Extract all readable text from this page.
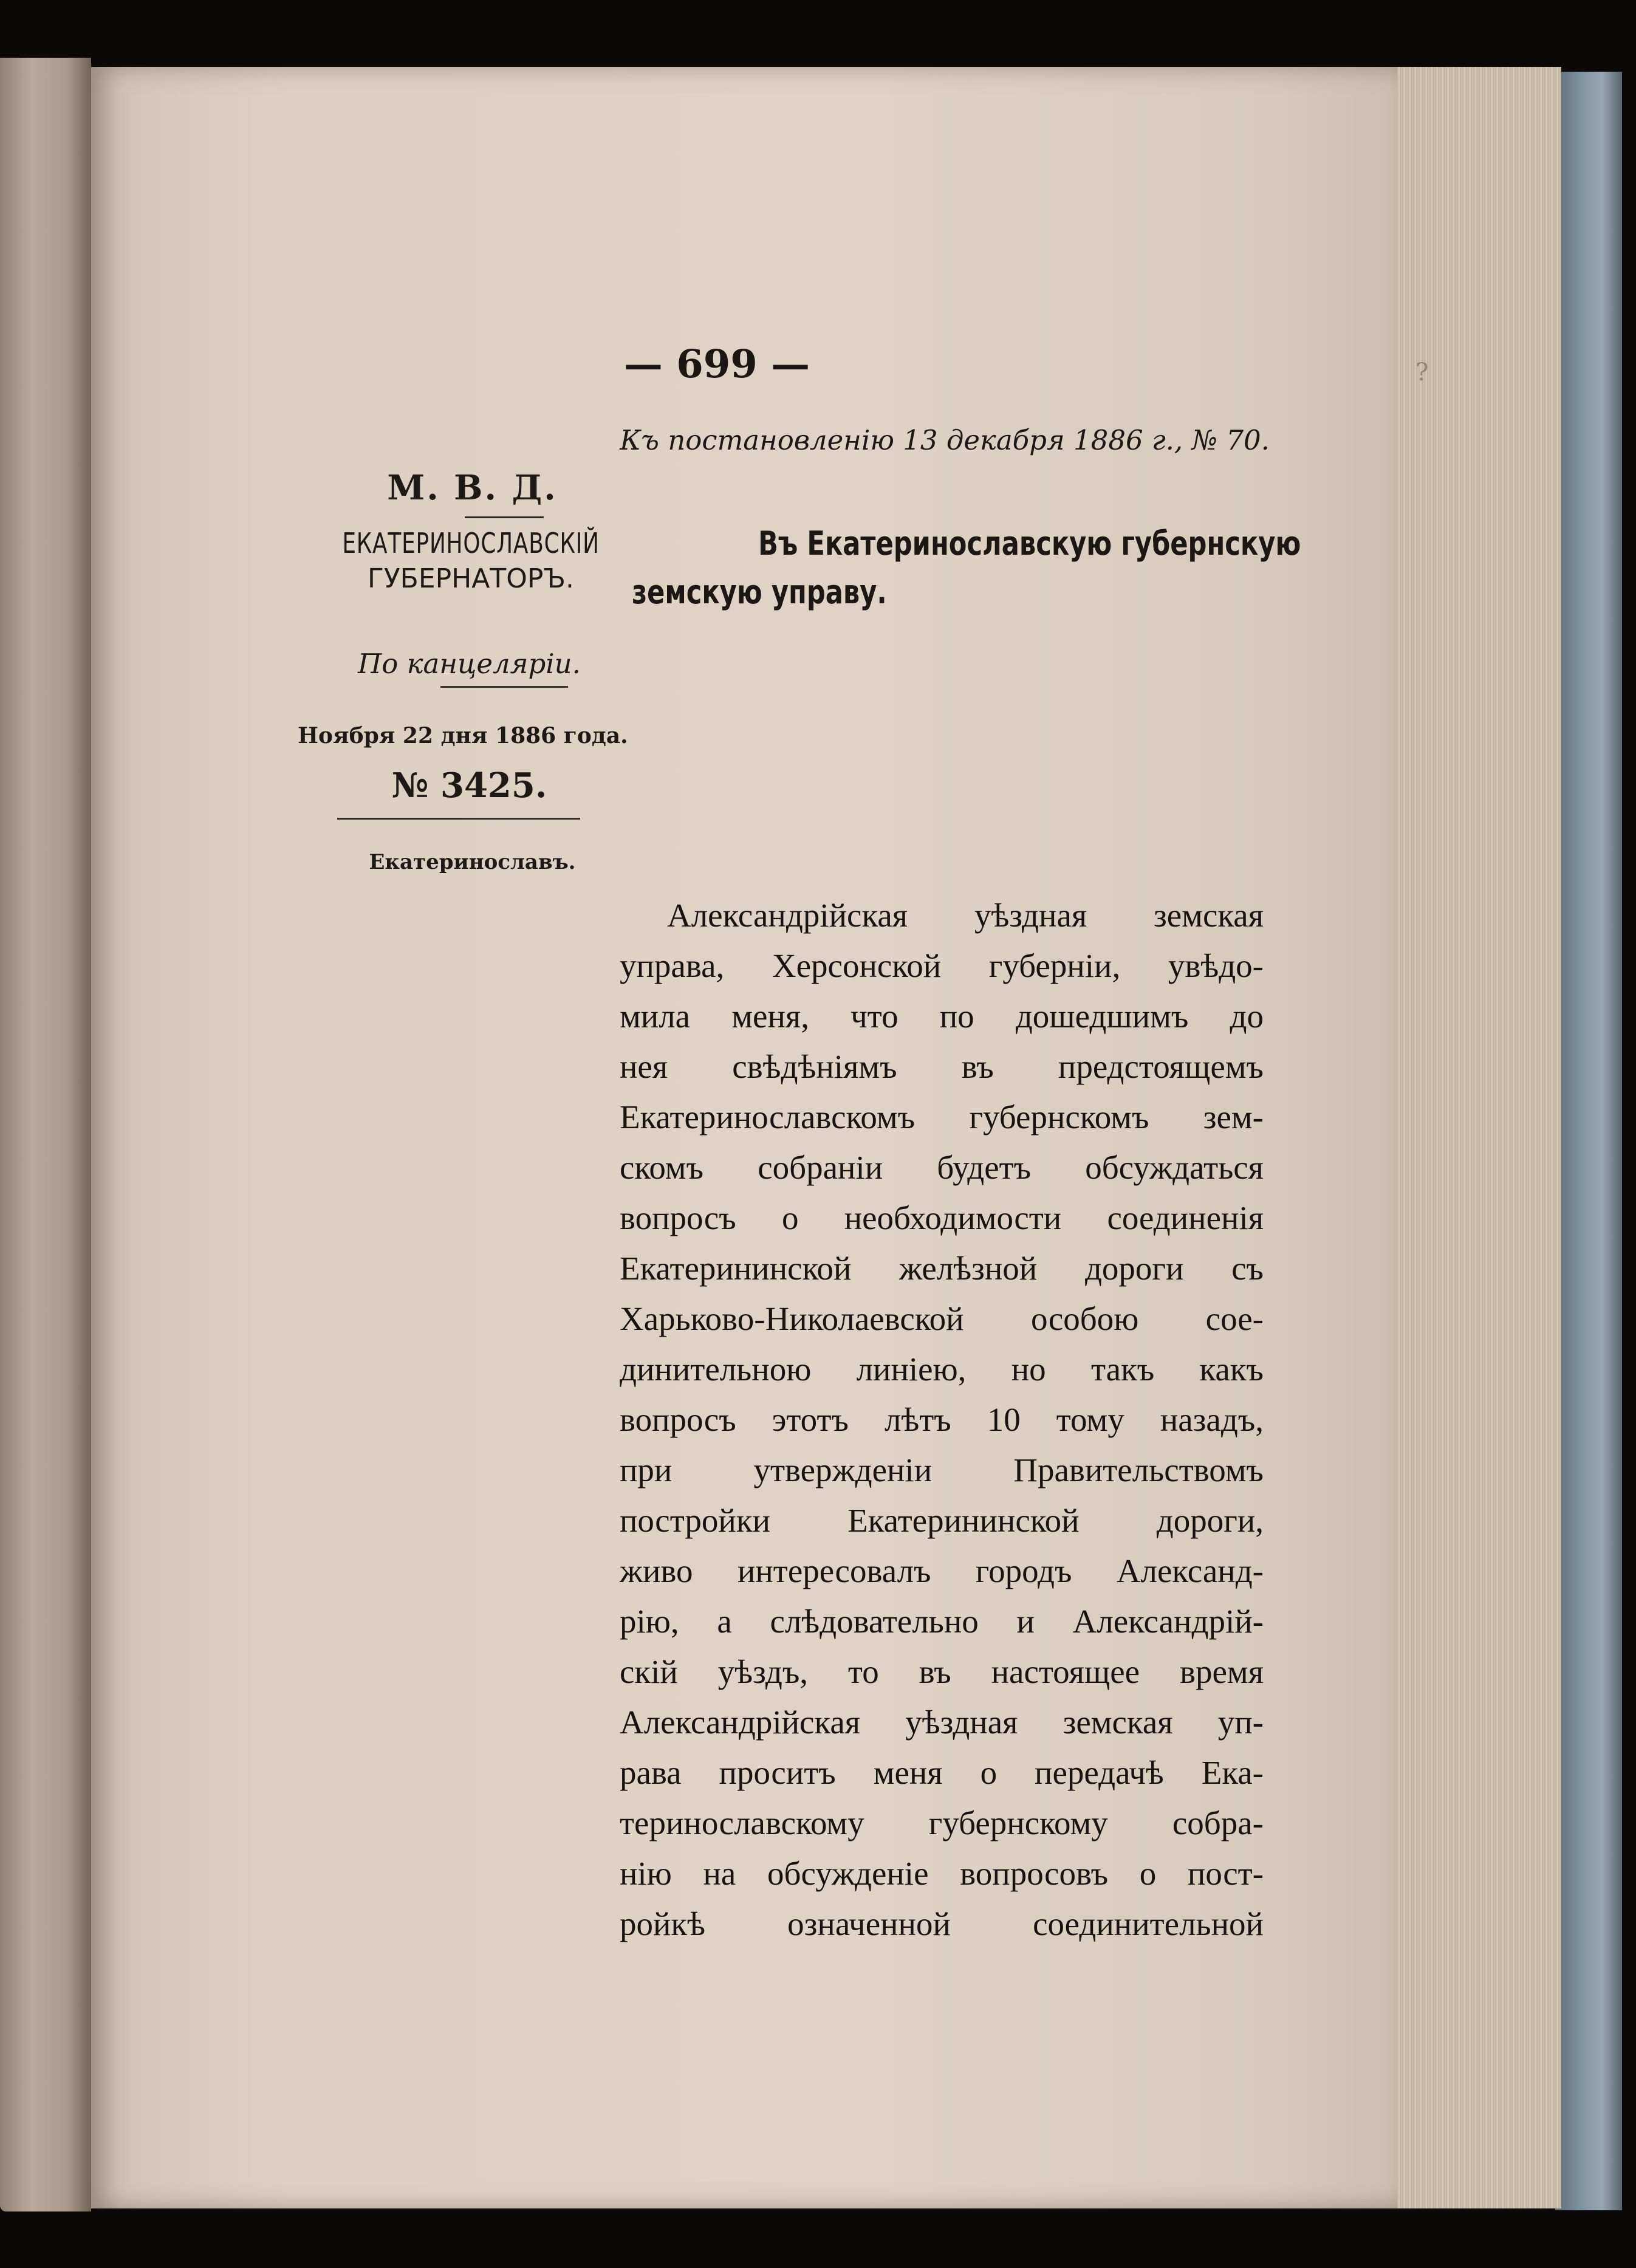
— 699 —	?
Къ постановленію 13 декабря 1886 г., № 70.
М. В. Д.
ЕКАТЕРИНОСЛАВСКІЙ
ГУБЕРНАТОРЪ.
По канцеляріи.
Ноября 22 дня 1886 года.
№ 3425.
Екатеринославъ.
Въ Екатеринославскую губернскую
земскую управу.
Александрійская уѣздная земская
управа, Херсонской губерніи, увѣдо-
мила меня, что по дошедшимъ до
нея свѣдѣніямъ въ предстоящемъ
Екатеринославскомъ губернскомъ зем-
скомъ собраніи будетъ обсуждаться
вопросъ о необходимости соединенія
Екатерининской желѣзной дороги съ
Харьково-Николаевской особою сое-
динительною линіею, но такъ какъ
вопросъ этотъ лѣтъ 10 тому назадъ,
при утвержденіи Правительствомъ
постройки Екатерининской дороги,
живо интересовалъ городъ Александ-
рію, а слѣдовательно и Александрій-
скій уѣздъ, то въ настоящее время
Александрійская уѣздная земская уп-
рава проситъ меня о передачѣ Ека-
теринославскому губернскому собра-
нію на обсужденіе вопросовъ о пост-
ройкѣ означенной соединительной
